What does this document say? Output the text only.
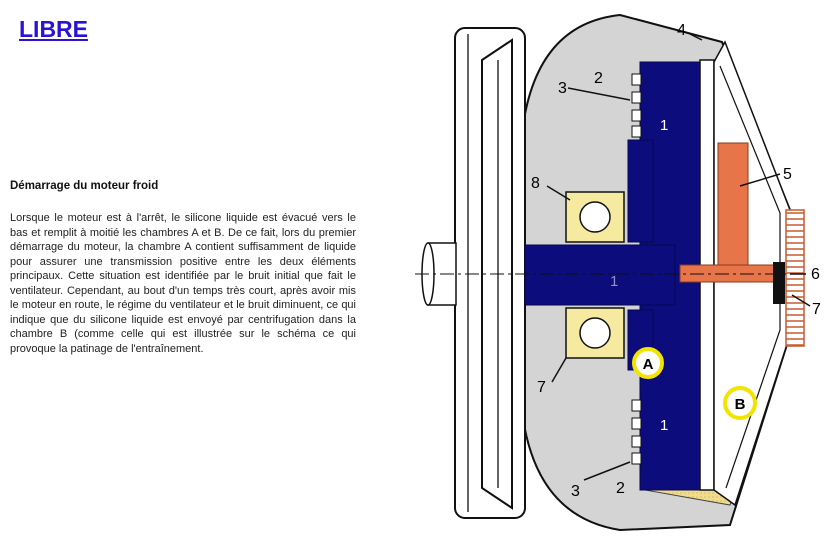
LIBRE
Démarrage du moteur froid

Lorsque le moteur est à l'arrêt, le silicone liquide est évacué vers le bas et remplit à moitié les chambres A et B. De ce fait, lors du premier démarrage du moteur, la chambre A contient suffisamment de liquide pour assurer une transmission positive entre les deux éléments principaux. Cette situation est identifiée par le bruit initial que fait le ventilateur. Cependant, au bout d'un temps très court, après avoir mis le moteur en route, le régime du ventilateur et le bruit diminuent, ce qui indique que du silicone liquide est envoyé par centrifugation dans la chambre B (comme celle qui est illustrée sur le schéma ce qui provoque la patinage de l'entraînement.

A
B
1
1
1
4
3
2
8
5
6
7
7
3 2
